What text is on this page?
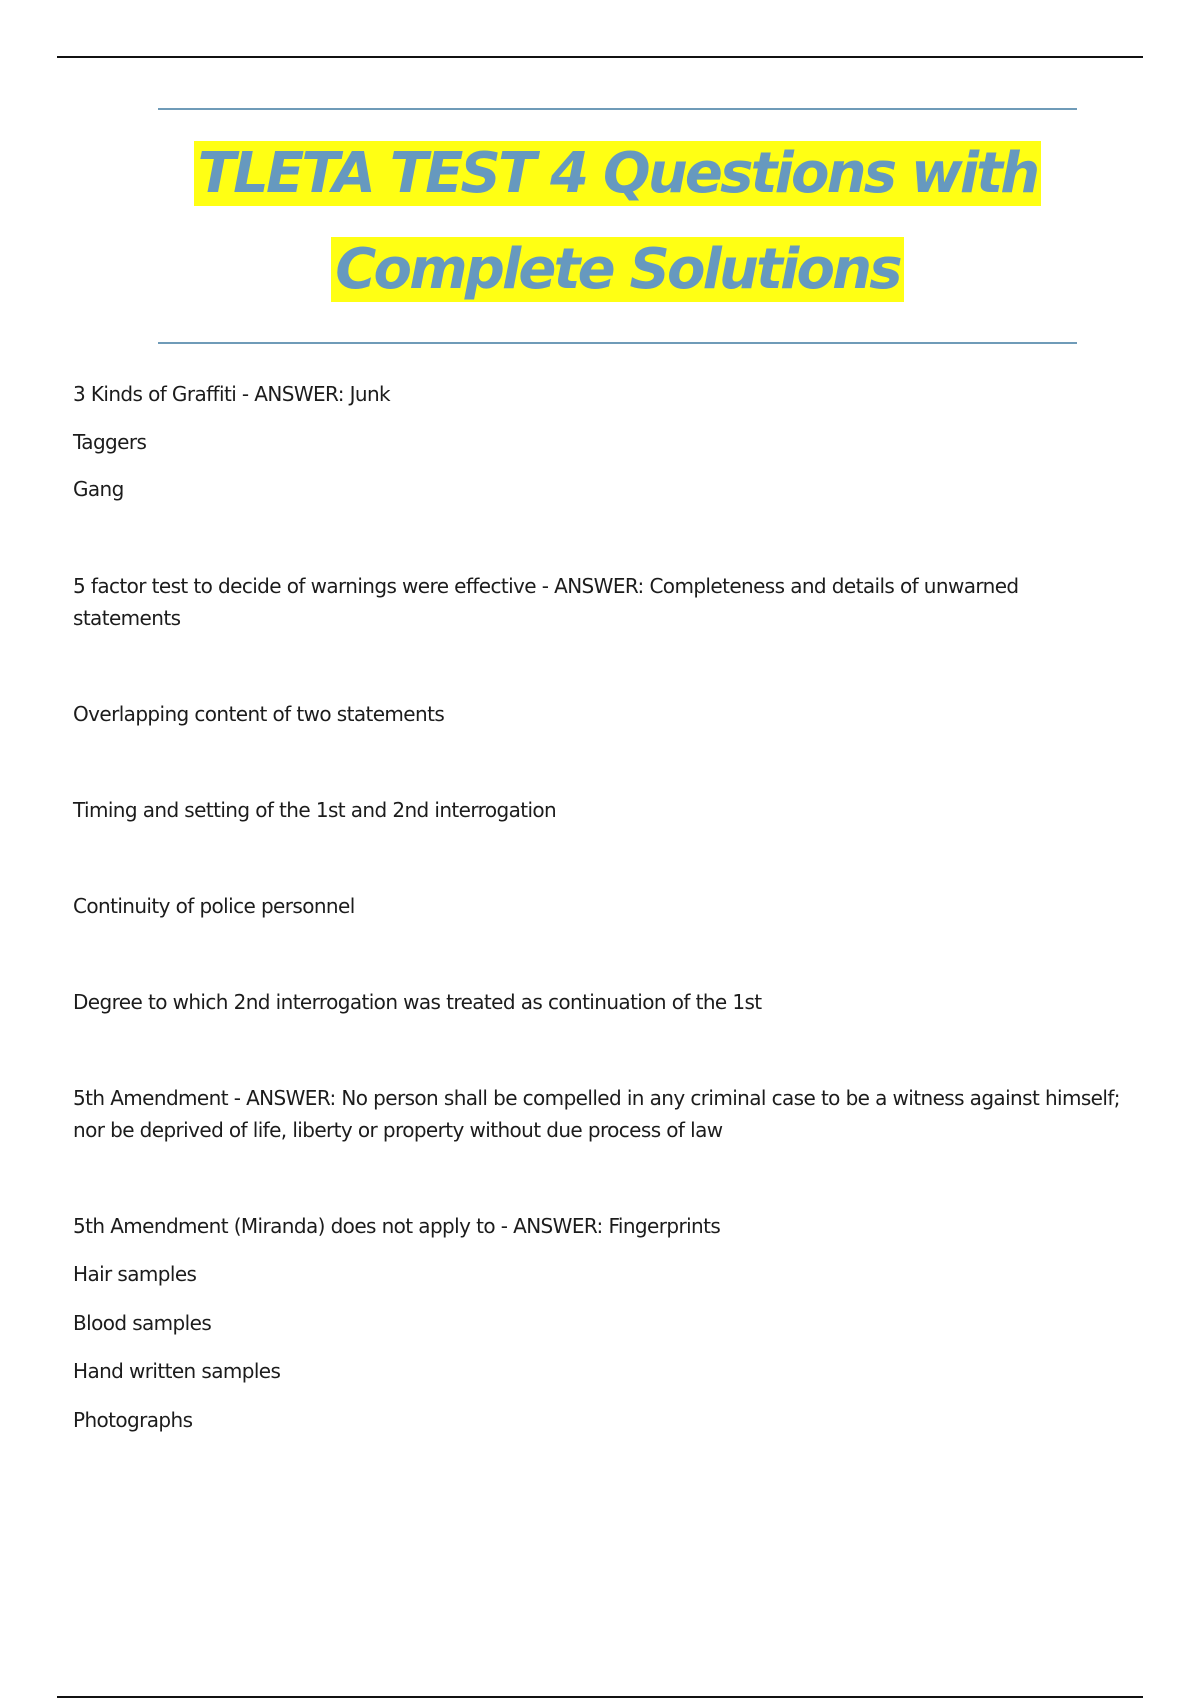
TLETA TEST 4 Questions with
Complete Solutions
3 Kinds of Graffiti - ANSWER: Junk
Taggers
Gang
5 factor test to decide of warnings were effective - ANSWER: Completeness and details of unwarned
statements
Overlapping content of two statements
Timing and setting of the 1st and 2nd interrogation
Continuity of police personnel
Degree to which 2nd interrogation was treated as continuation of the 1st
5th Amendment - ANSWER: No person shall be compelled in any criminal case to be a witness against himself;
nor be deprived of life, liberty or property without due process of law
5th Amendment (Miranda) does not apply to - ANSWER: Fingerprints
Hair samples
Blood samples
Hand written samples
Photographs
